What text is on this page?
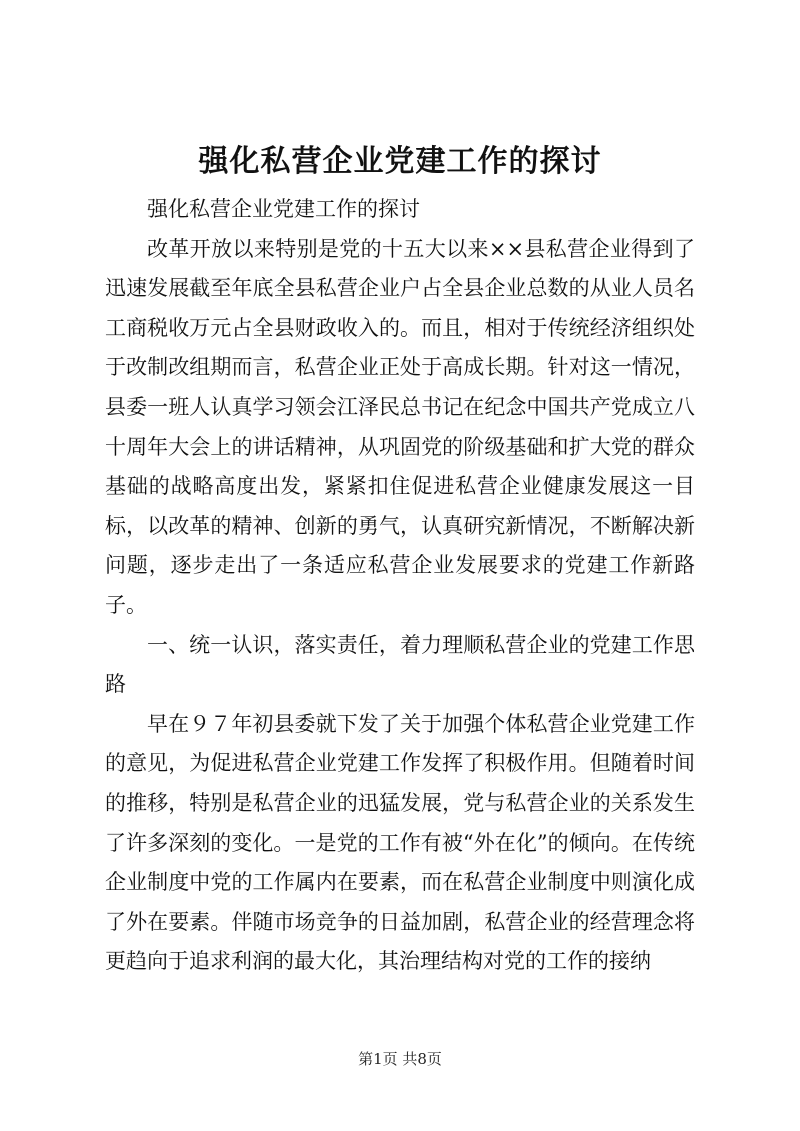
强化私营企业党建工作的探讨

强化私营企业党建工作的探讨

改革开放以来特别是党的十五大以来××县私营企业得到了迅速发展截至年底全县私营企业户占全县企业总数的从业人员名工商税收万元占全县财政收入的。而且，相对于传统经济组织处于改制改组期而言，私营企业正处于高成长期。针对这一情况，县委一班人认真学习领会江泽民总书记在纪念中国共产党成立八十周年大会上的讲话精神，从巩固党的阶级基础和扩大党的群众基础的战略高度出发，紧紧扣住促进私营企业健康发展这一目标，以改革的精神、创新的勇气，认真研究新情况，不断解决新问题，逐步走出了一条适应私营企业发展要求的党建工作新路子。

一、统一认识，落实责任，着力理顺私营企业的党建工作思路

早在９７年初县委就下发了关于加强个体私营企业党建工作的意见，为促进私营企业党建工作发挥了积极作用。但随着时间的推移，特别是私营企业的迅猛发展，党与私营企业的关系发生了许多深刻的变化。一是党的工作有被“外在化”的倾向。在传统企业制度中党的工作属内在要素，而在私营企业制度中则演化成了外在要素。伴随市场竞争的日益加剧，私营企业的经营理念将更趋向于追求利润的最大化，其治理结构对党的工作的接纳

第1页 共8页
